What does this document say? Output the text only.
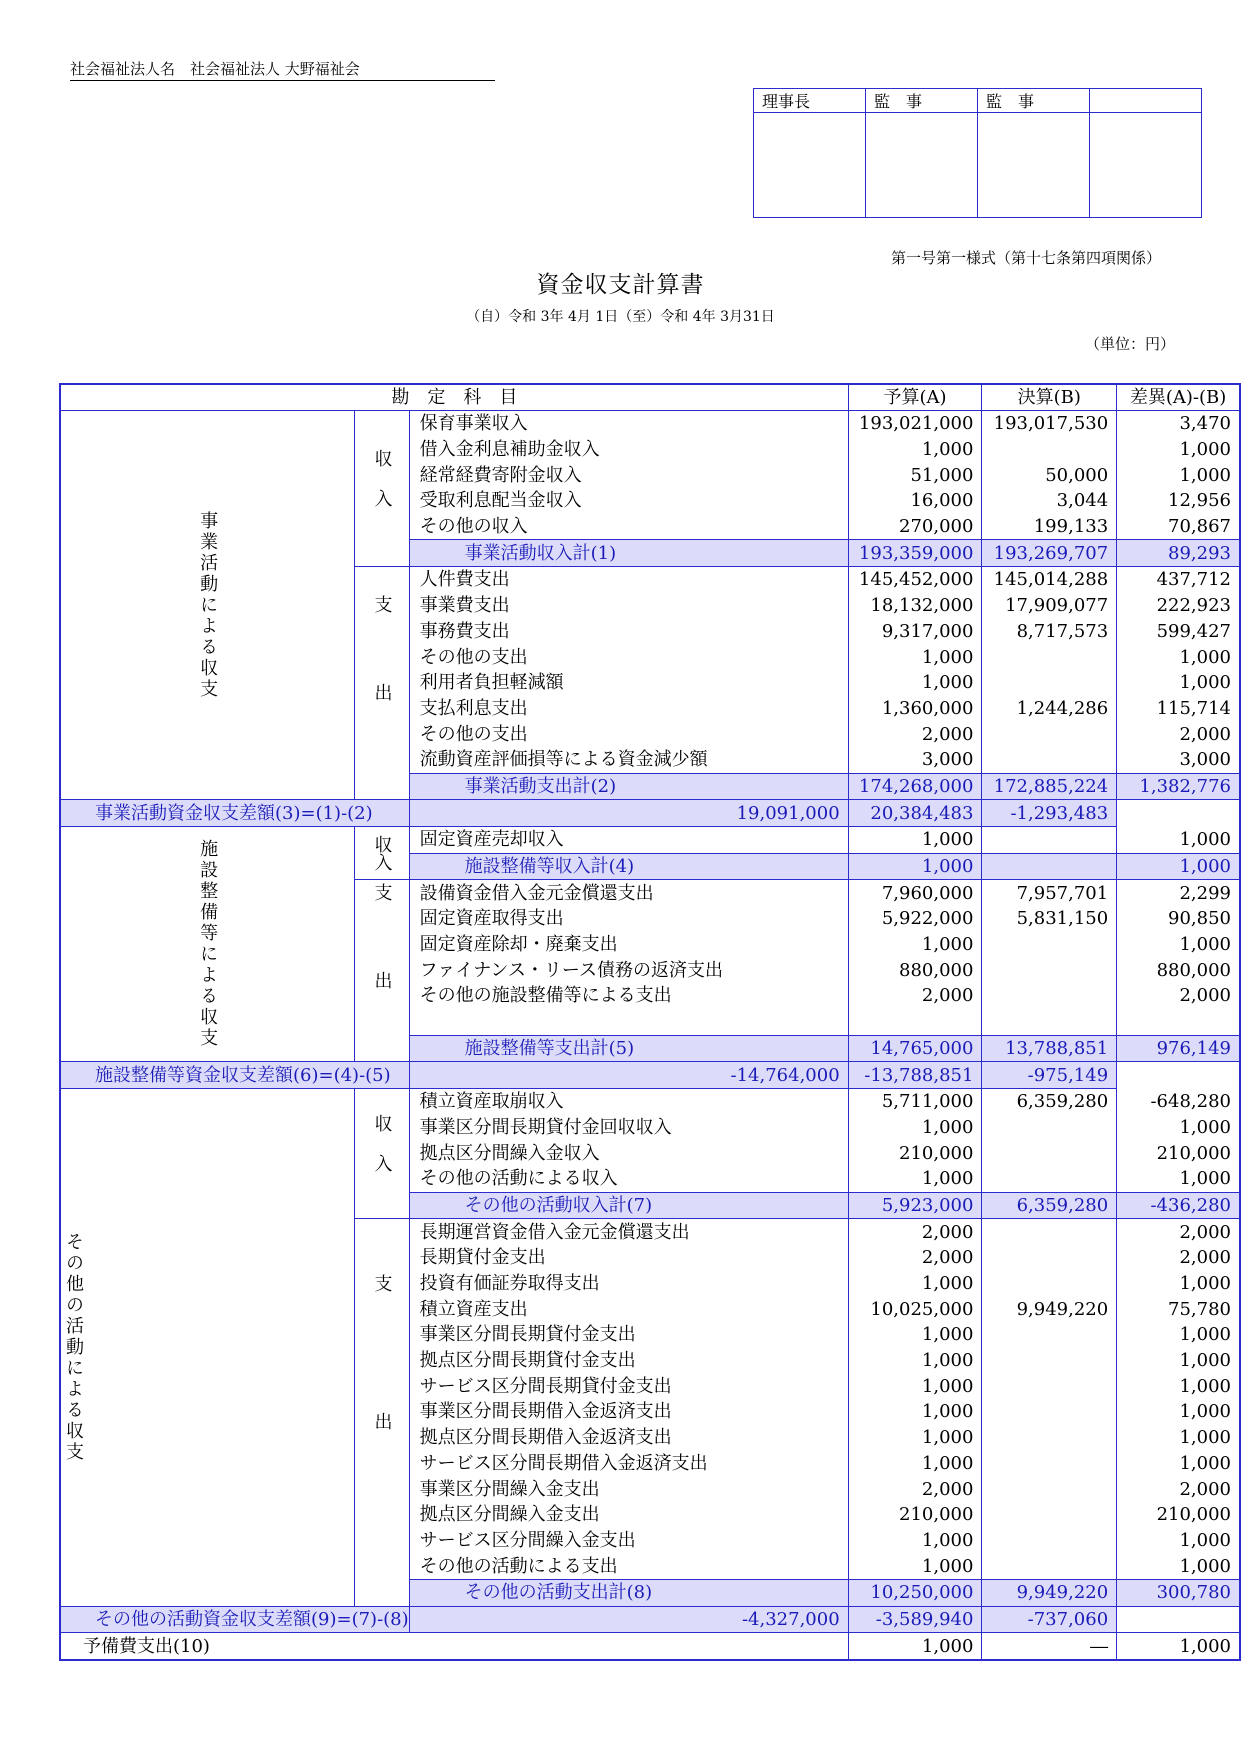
社会福祉法人名　社会福祉法人 大野福祉会
理事長	監　事	監　事	

第一号第一様式（第十七条第四項関係）
資金収支計算書
（自）令和 3年 4月 1日（至）令和 4年 3月31日
（単位：円）
勘　定　科　目			予算(A)	決算(B)	差異(A)-(B)
事業活動による収支	収入	保育事業収入	193,021,000	193,017,530	3,470
		借入金利息補助金収入	1,000		1,000
		経常経費寄附金収入	51,000	50,000	1,000
		受取利息配当金収入	16,000	3,044	12,956
		その他の収入	270,000	199,133	70,867
		事業活動収入計(1)	193,359,000	193,269,707	89,293
	支出	人件費支出	145,452,000	145,014,288	437,712
		事業費支出	18,132,000	17,909,077	222,923
		事務費支出	9,317,000	8,717,573	599,427
		その他の支出	1,000		1,000
		利用者負担軽減額	1,000		1,000
		支払利息支出	1,360,000	1,244,286	115,714
		その他の支出	2,000		2,000
		流動資産評価損等による資金減少額	3,000		3,000
		事業活動支出計(2)	174,268,000	172,885,224	1,382,776
事業活動資金収支差額(3)=(1)-(2)		19,091,000	20,384,483	-1,293,483	
施設整備等による収支	収入	固定資産売却収入	1,000		1,000
		施設整備等収入計(4)	1,000		1,000
	支出	設備資金借入金元金償還支出	7,960,000	7,957,701	2,299
		固定資産取得支出	5,922,000	5,831,150	90,850
		固定資産除却・廃棄支出	1,000		1,000
		ファイナンス・リース債務の返済支出	880,000		880,000
		その他の施設整備等による支出	2,000		2,000

		施設整備等支出計(5)	14,765,000	13,788,851	976,149
施設整備等資金収支差額(6)=(4)-(5)		-14,764,000	-13,788,851	-975,149	
その他の活動による収支	収入	積立資産取崩収入	5,711,000	6,359,280	-648,280
		事業区分間長期貸付金回収収入	1,000		1,000
		拠点区分間繰入金収入	210,000		210,000
		その他の活動による収入	1,000		1,000
		その他の活動収入計(7)	5,923,000	6,359,280	-436,280
	支出	長期運営資金借入金元金償還支出	2,000		2,000
		長期貸付金支出	2,000		2,000
		投資有価証券取得支出	1,000		1,000
		積立資産支出	10,025,000	9,949,220	75,780
		事業区分間長期貸付金支出	1,000		1,000
		拠点区分間長期貸付金支出	1,000		1,000
		サービス区分間長期貸付金支出	1,000		1,000
		事業区分間長期借入金返済支出	1,000		1,000
		拠点区分間長期借入金返済支出	1,000		1,000
		サービス区分間長期借入金返済支出	1,000		1,000
		事業区分間繰入金支出	2,000		2,000
		拠点区分間繰入金支出	210,000		210,000
		サービス区分間繰入金支出	1,000		1,000
		その他の活動による支出	1,000		1,000
		その他の活動支出計(8)	10,250,000	9,949,220	300,780
その他の活動資金収支差額(9)=(7)-(8)		-4,327,000	-3,589,940	-737,060	
予備費支出(10)			1,000	―	1,000
